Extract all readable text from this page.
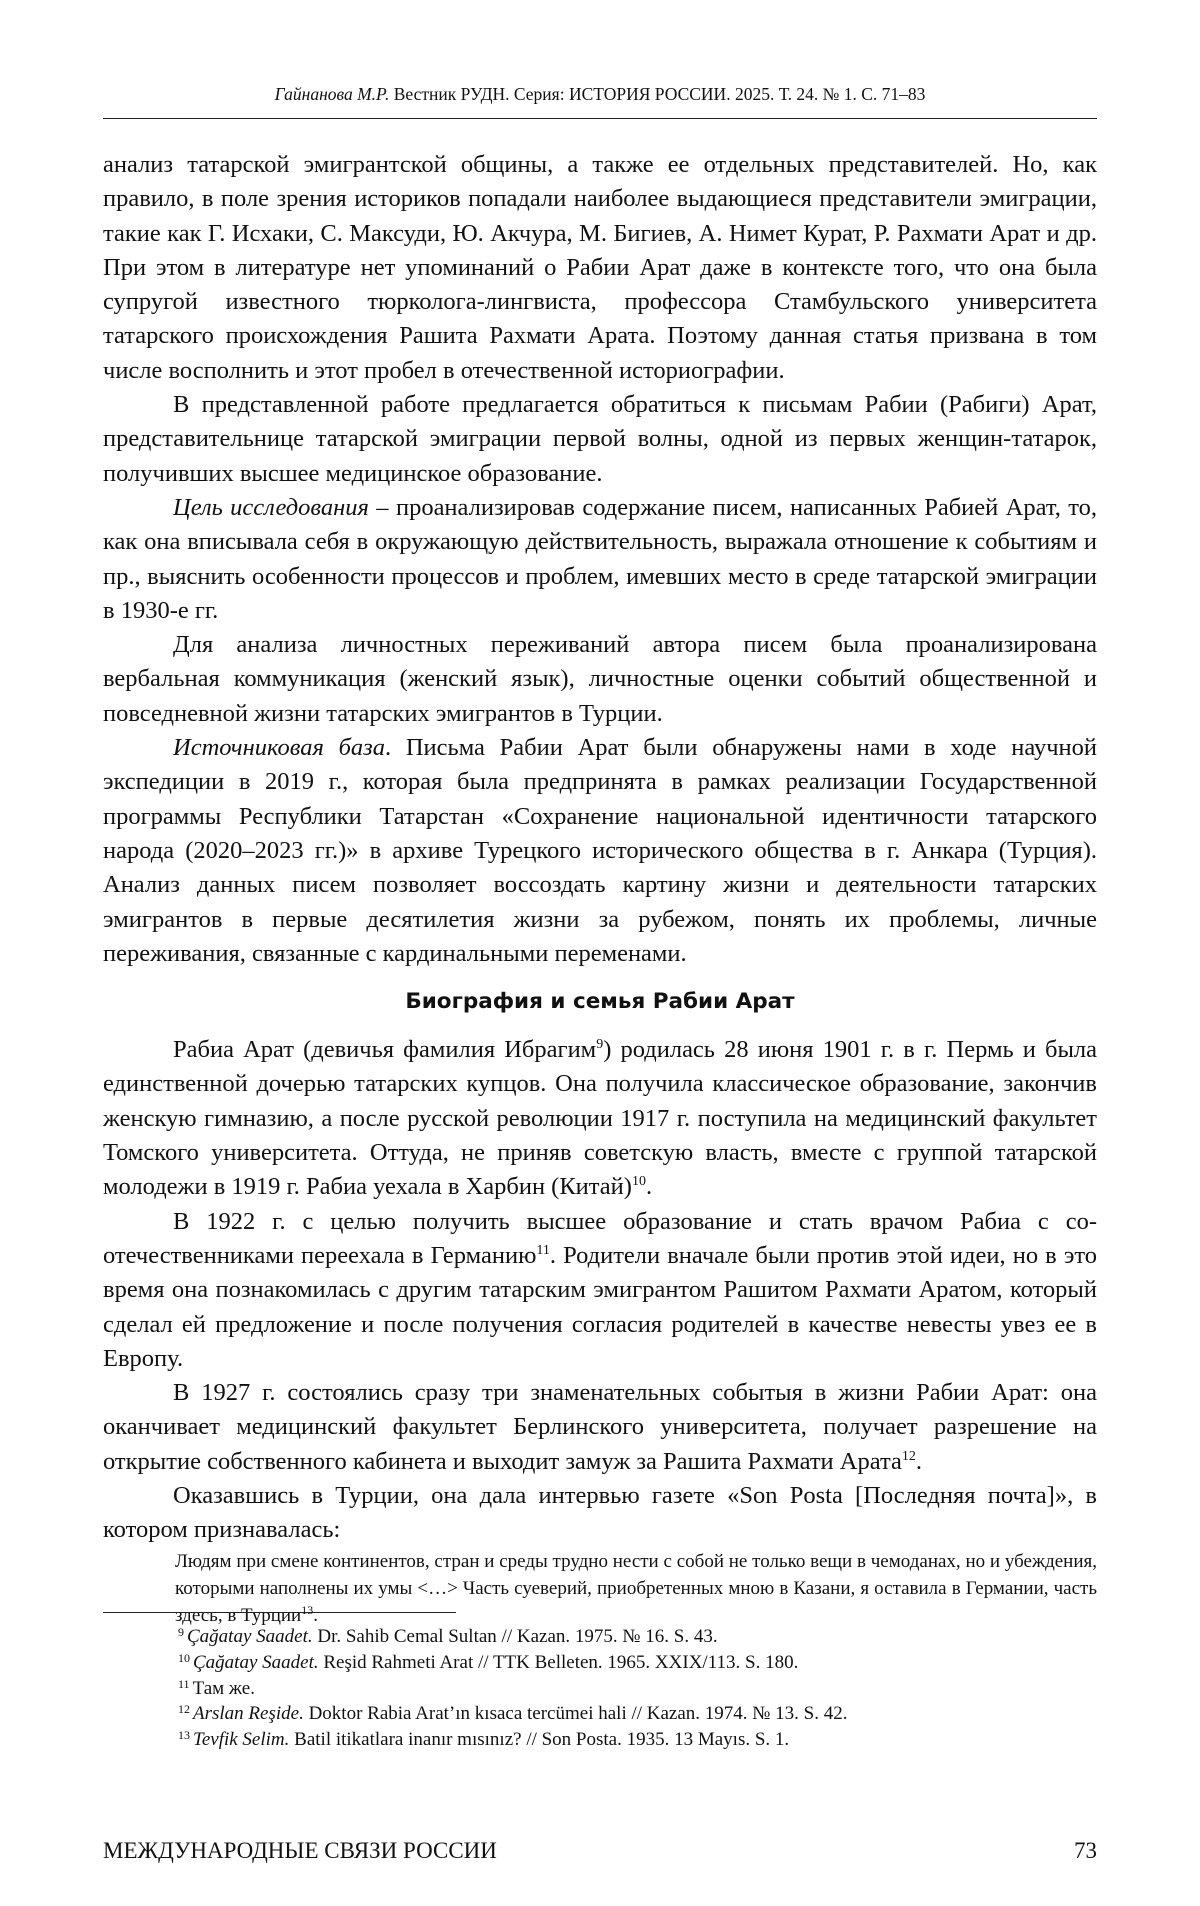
Гайнанова М.Р. Вестник РУДН. Серия: ИСТОРИЯ РОССИИ. 2025. Т. 24. № 1. С. 71–83

анализ татарской эмигрантской общины, а также ее отдельных представителей. Но, как правило, в поле зрения историков попадали наиболее выдающиеся представители эмиграции, такие как Г. Исхаки, С. Максуди, Ю. Акчура, М. Бигиев, А. Нимет Курат, Р. Рахмати Арат и др. При этом в литературе нет упоминаний о Рабии Арат даже в контексте того, что она была супругой известного тюрколога-лингвиста, профессора Стамбульского университета татарского происхождения Рашита Рахмати Арата. Поэтому данная статья призвана в том числе восполнить и этот пробел в отечественной историографии.

В представленной работе предлагается обратиться к письмам Рабии (Рабиги) Арат, представительнице татарской эмиграции первой волны, одной из первых женщин-татарок, получивших высшее медицинское образование.

Цель исследования – проанализировав содержание писем, написанных Рабией Арат, то, как она вписывала себя в окружающую действительность, выражала отношение к событиям и пр., выяснить особенности процессов и проблем, имевших место в среде татарской эмиграции в 1930-е гг.

Для анализа личностных переживаний автора писем была проанализирована вербальная коммуникация (женский язык), личностные оценки событий общественной и повседневной жизни татарских эмигрантов в Турции.

Источниковая база. Письма Рабии Арат были обнаружены нами в ходе научной экспедиции в 2019 г., которая была предпринята в рамках реализации Государственной программы Республики Татарстан «Сохранение национальной идентичности татарского народа (2020–2023 гг.)» в архиве Турецкого исторического общества в г. Анкара (Турция). Анализ данных писем позволяет воссоздать картину жизни и деятельности татарских эмигрантов в первые десятилетия жизни за рубежом, понять их проблемы, личные переживания, связанные с кардинальными переменами.

Биография и семья Рабии Арат

Рабиа Арат (девичья фамилия Ибрагим$^9$) родилась 28 июня 1901 г. в г. Пермь и была единственной дочерью татарских купцов. Она получила классическое образование, закончив женскую гимназию, а после русской революции 1917 г. поступила на медицинский факультет Томского университета. Оттуда, не приняв советскую власть, вместе с группой татарской молодежи в 1919 г. Рабиа уехала в Харбин (Китай)$^{10}$.

В 1922 г. с целью получить высшее образование и стать врачом Рабиа с соотечественниками переехала в Германию$^{11}$. Родители вначале были против этой идеи, но в это время она познакомилась с другим татарским эмигрантом Рашитом Рахмати Аратом, который сделал ей предложение и после получения согласия родителей в качестве невесты увез ее в Европу.

В 1927 г. состоялись сразу три знаменательных событыя в жизни Рабии Арат: она оканчивает медицинский факультет Берлинского университета, получает разрешение на открытие собственного кабинета и выходит замуж за Рашита Рахмати Арата$^{12}$.

Оказавшись в Турции, она дала интервью газете «Son Posta [Последняя почта]», в котором признавалась:

Людям при смене континентов, стран и среды трудно нести с собой не только вещи в чемоданах, но и убеждения, которыми наполнены их умы <…> Часть суеверий, приобретенных мною в Казани, я оставила в Германии, часть здесь, в Турции$^{13}$.

$^9$ Çağatay Saadet. Dr. Sahib Cemal Sultan // Kazan. 1975. № 16. S. 43.
$^{10}$ Çağatay Saadet. Reşid Rahmeti Arat // TTK Belleten. 1965. XXIX/113. S. 180.
$^{11}$ Там же.
$^{12}$ Arslan Reşide. Doktor Rabia Arat’ın kısaca tercümei hali // Kazan. 1974. № 13. S. 42.
$^{13}$ Tevfik Selim. Batil itikatlara inanır mısınız? // Son Posta. 1935. 13 Mayıs. S. 1.
МЕЖДУНАРОДНЫЕ СВЯЗИ РОССИИ	73
